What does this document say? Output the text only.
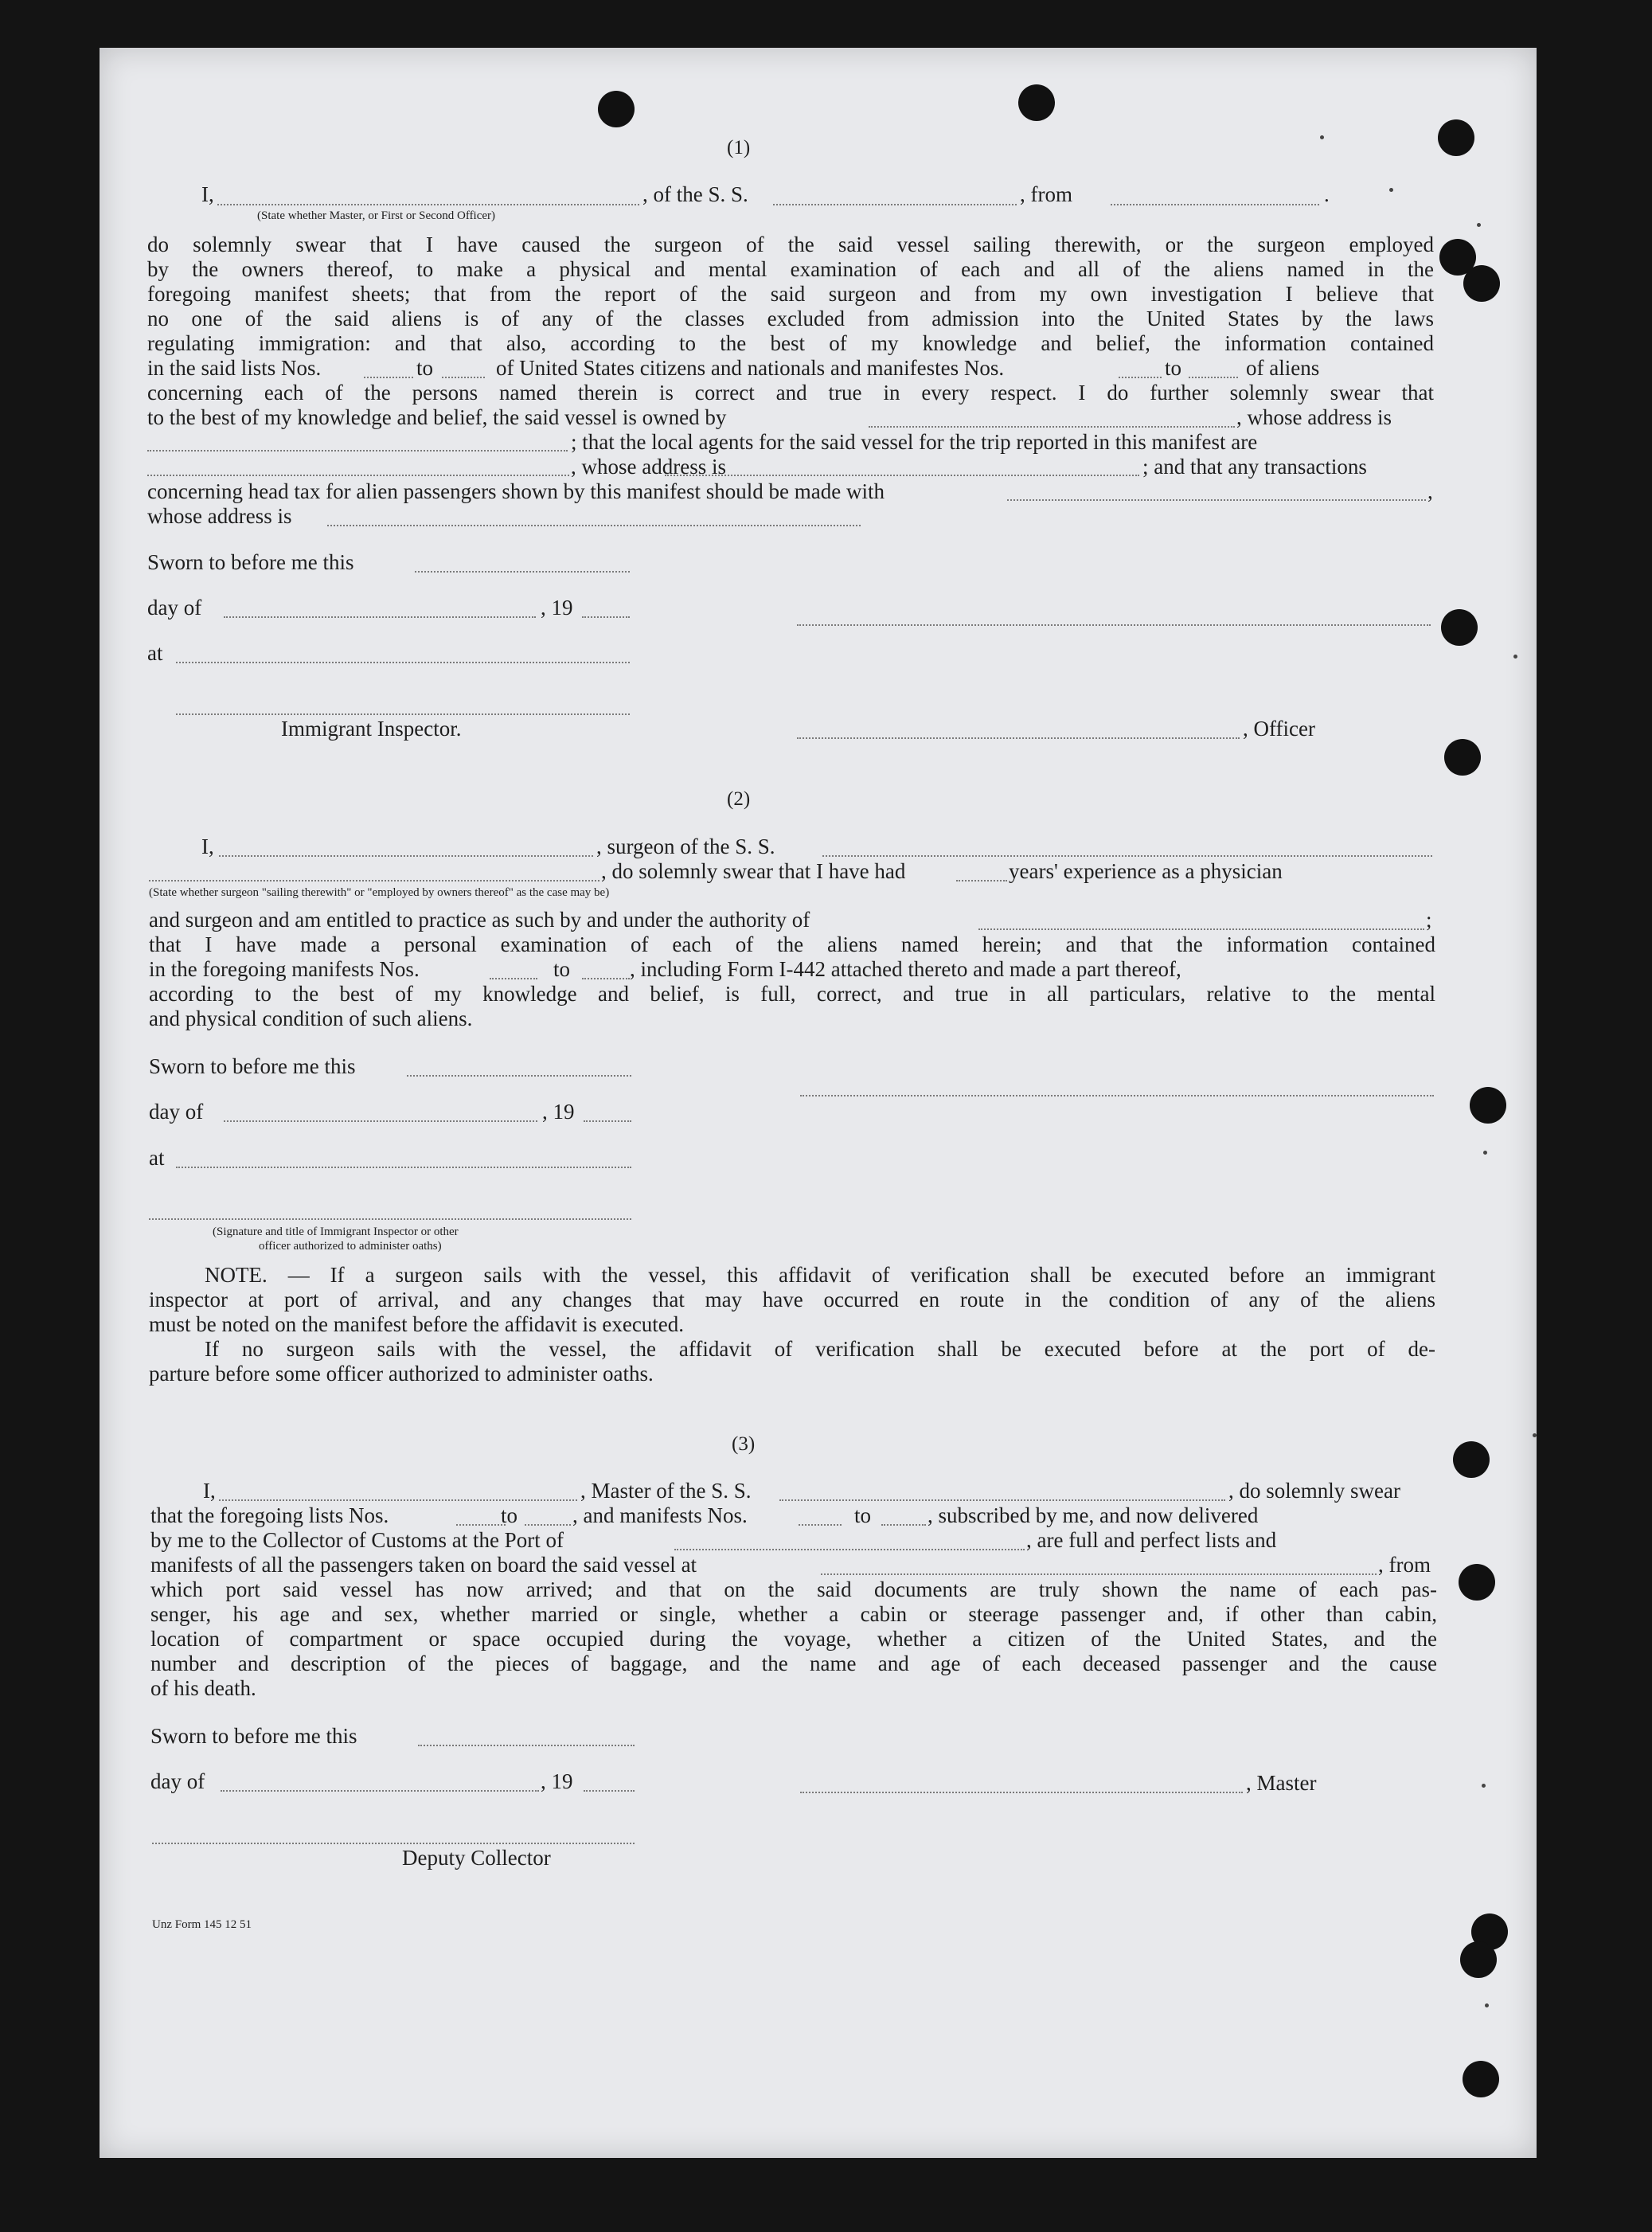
(1)
I,	, of the S. S.	, from	.
(State whether Master, or First or Second Officer)
do solemnly swear that I have caused the surgeon of the said vessel sailing therewith, or the surgeon employed
by the owners thereof, to make a physical and mental examination of each and all of the aliens named in the
foregoing manifest sheets; that from the report of the said surgeon and from my own investigation I believe that
no one of the said aliens is of any of the classes excluded from admission into the United States by the laws
regulating immigration: and that also, according to the best of my knowledge and belief, the information contained
in the said lists Nos.	to	of United States citizens and nationals and manifestes Nos.	to	of aliens
concerning each of the persons named therein is correct and true in every respect. I do further solemnly swear that
to the best of my knowledge and belief, the said vessel is owned by	, whose address is
; that the local agents for the said vessel for the trip reported in this manifest are
, whose address is	; and that any transactions
concerning head tax for alien passengers shown by this manifest should be made with	,
whose address is
Sworn to before me this
day of	, 19
at
Immigrant Inspector.	, Officer
(2)
I,	, surgeon of the S. S.
, do solemnly swear that I have had	years' experience as a physician
(State whether surgeon "sailing therewith" or "employed by owners thereof" as the case may be)
and surgeon and am entitled to practice as such by and under the authority of	;
that I have made a personal examination of each of the aliens named herein; and that the information contained
in the foregoing manifests Nos.	to	, including Form I-442 attached thereto and made a part thereof,
according to the best of my knowledge and belief, is full, correct, and true in all particulars, relative to the mental
and physical condition of such aliens.
Sworn to before me this
day of	, 19
at
(Signature and title of Immigrant Inspector or other
officer authorized to administer oaths)
NOTE. — If a surgeon sails with the vessel, this affidavit of verification shall be executed before an immigrant
inspector at port of arrival, and any changes that may have occurred en route in the condition of any of the aliens
must be noted on the manifest before the affidavit is executed.
If no surgeon sails with the vessel, the affidavit of verification shall be executed before at the port of de-
parture before some officer authorized to administer oaths.
(3)
I,	, Master of the S. S.	, do solemnly swear
that the foregoing lists Nos.	to	, and manifests Nos.	to	, subscribed by me, and now delivered
by me to the Collector of Customs at the Port of	, are full and perfect lists and
manifests of all the passengers taken on board the said vessel at	, from
which port said vessel has now arrived; and that on the said documents are truly shown the name of each pas-
senger, his age and sex, whether married or single, whether a cabin or steerage passenger and, if other than cabin,
location of compartment or space occupied during the voyage, whether a citizen of the United States, and the
number and description of the pieces of baggage, and the name and age of each deceased passenger and the cause
of his death.
Sworn to before me this
day of	, 19	, Master
Deputy Collector
Unz Form 145 12 51
